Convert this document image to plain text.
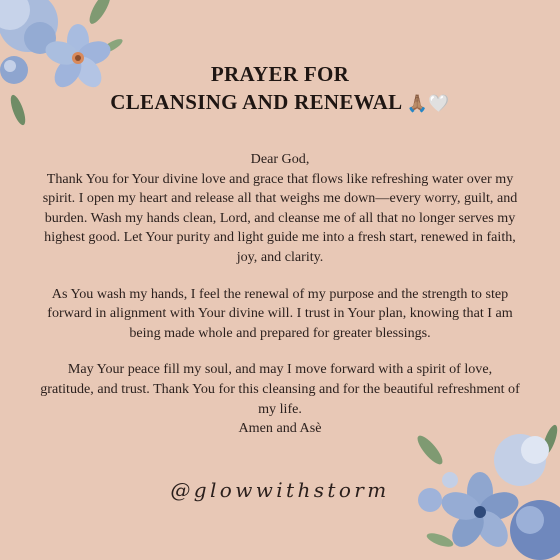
PRAYER FOR
CLEANSING AND RENEWAL 🙏🏽🤍

Dear God,
Thank You for Your divine love and grace that flows like refreshing water over my spirit. I open my heart and release all that weighs me down—every worry, guilt, and burden. Wash my hands clean, Lord, and cleanse me of all that no longer serves my highest good. Let Your purity and light guide me into a fresh start, renewed in faith, joy, and clarity.

As You wash my hands, I feel the renewal of my purpose and the strength to step forward in alignment with Your divine will. I trust in Your plan, knowing that I am being made whole and prepared for greater blessings.

May Your peace fill my soul, and may I move forward with a spirit of love, gratitude, and trust. Thank You for this cleansing and for the beautiful refreshment of my life.
Amen and Asè

@glowwithstorm
